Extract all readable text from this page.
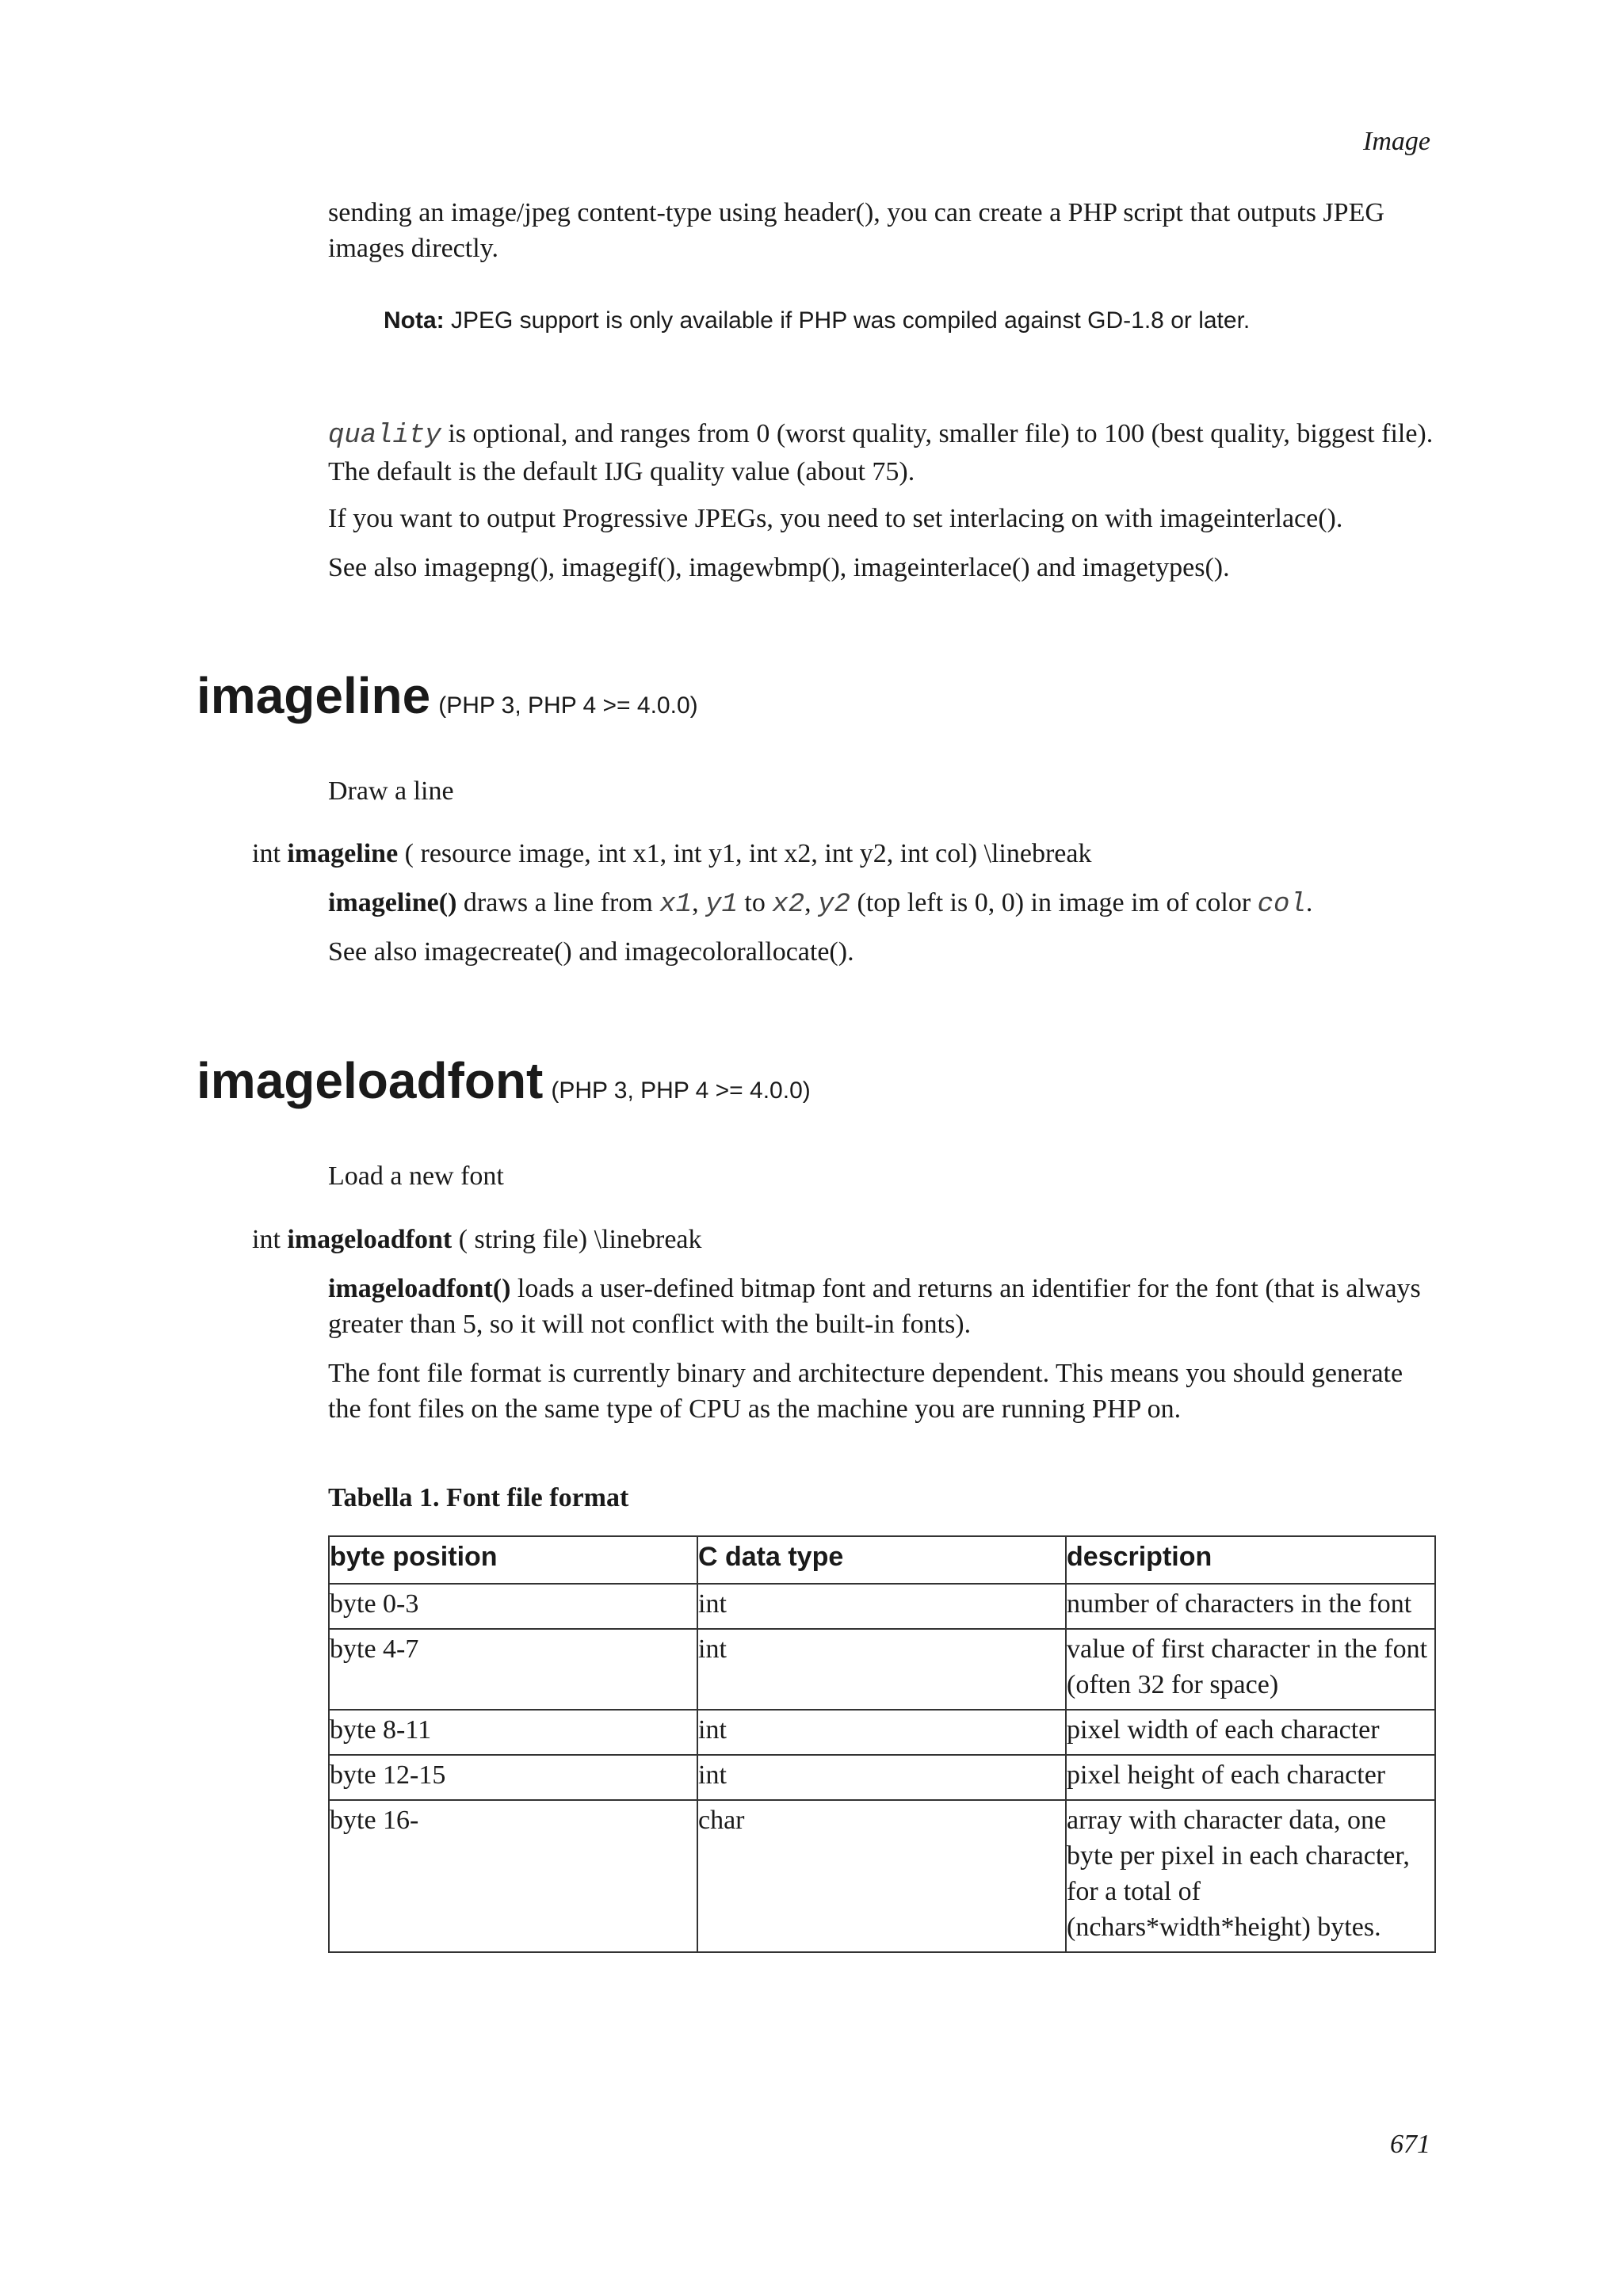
Image
sending an image/jpeg content-type using header(), you can create a PHP script that outputs JPEG images directly.
Nota: JPEG support is only available if PHP was compiled against GD-1.8 or later.
quality is optional, and ranges from 0 (worst quality, smaller file) to 100 (best quality, biggest file). The default is the default IJG quality value (about 75).
If you want to output Progressive JPEGs, you need to set interlacing on with imageinterlace().
See also imagepng(), imagegif(), imagewbmp(), imageinterlace() and imagetypes().
imageline (PHP 3, PHP 4 >= 4.0.0)
Draw a line
int imageline ( resource image, int x1, int y1, int x2, int y2, int col) \linebreak
imageline() draws a line from x1, y1 to x2, y2 (top left is 0, 0) in image im of color col.
See also imagecreate() and imagecolorallocate().
imageloadfont (PHP 3, PHP 4 >= 4.0.0)
Load a new font
int imageloadfont ( string file) \linebreak
imageloadfont() loads a user-defined bitmap font and returns an identifier for the font (that is always greater than 5, so it will not conflict with the built-in fonts).
The font file format is currently binary and architecture dependent. This means you should generate the font files on the same type of CPU as the machine you are running PHP on.
Tabella 1. Font file format
byte position	C data type	description
byte 0-3	int	number of characters in the font
byte 4-7	int	value of first character in the font (often 32 for space)
byte 8-11	int	pixel width of each character
byte 12-15	int	pixel height of each character
byte 16-	char	array with character data, one byte per pixel in each character, for a total of (nchars*width*height) bytes.
671
